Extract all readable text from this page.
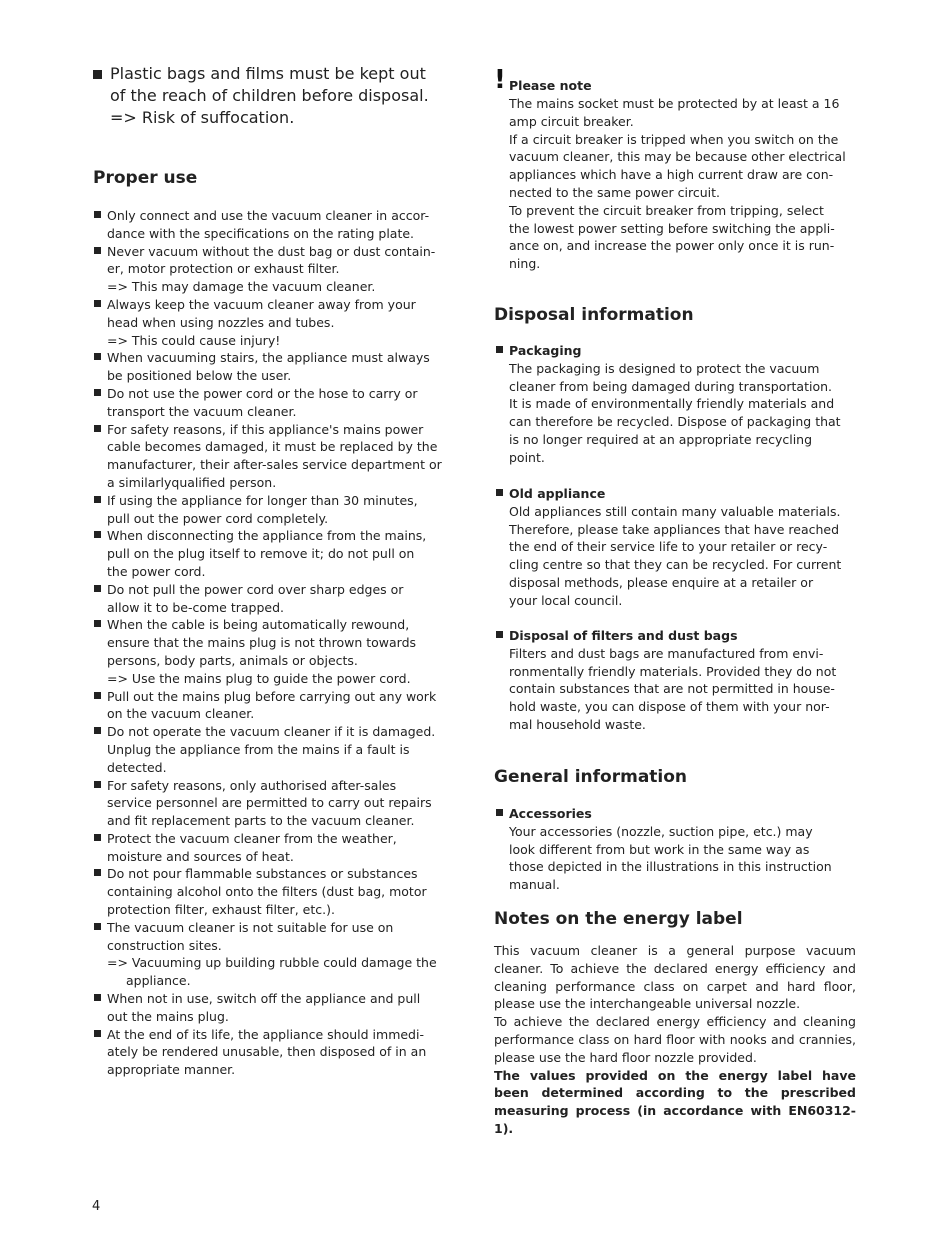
Plastic bags and films must be kept out
of the reach of children before disposal.
=> Risk of suffocation.
Proper use
Only connect and use the vacuum cleaner in accor-
dance with the specifications on the rating plate.
Never vacuum without the dust bag or dust contain-
er, motor protection or exhaust filter.
=> This may damage the vacuum cleaner.
Always keep the vacuum cleaner away from your
head when using nozzles and tubes.
=> This could cause injury!
When vacuuming stairs, the appliance must always
be positioned below the user.
Do not use the power cord or the hose to carry or
transport the vacuum cleaner.
For safety reasons, if this appliance's mains power
cable becomes damaged, it must be replaced by the
manufacturer, their after-sales service department or
a similarlyqualified person.
If using the appliance for longer than 30 minutes,
pull out the power cord completely.
When disconnecting the appliance from the mains,
pull on the plug itself to remove it; do not pull on
the power cord.
Do not pull the power cord over sharp edges or
allow it to be-come trapped.
When the cable is being automatically rewound,
ensure that the mains plug is not thrown towards
persons, body parts, animals or objects.
=> Use the mains plug to guide the power cord.
Pull out the mains plug before carrying out any work
on the vacuum cleaner.
Do not operate the vacuum cleaner if it is damaged.
Unplug the appliance from the mains if a fault is
detected.
For safety reasons, only authorised after-sales
service personnel are permitted to carry out repairs
and fit replacement parts to the vacuum cleaner.
Protect the vacuum cleaner from the weather,
moisture and sources of heat.
Do not pour flammable substances or substances
containing alcohol onto the filters (dust bag, motor
protection filter, exhaust filter, etc.).
The vacuum cleaner is not suitable for use on
construction sites.
=> Vacuuming up building rubble could damage the appliance.
When not in use, switch off the appliance and pull
out the mains plug.
At the end of its life, the appliance should immedi-
ately be rendered unusable, then disposed of in an
appropriate manner.
! Please note
The mains socket must be protected by at least a 16
amp circuit breaker.
If a circuit breaker is tripped when you switch on the
vacuum cleaner, this may be because other electrical
appliances which have a high current draw are con-
nected to the same power circuit.
To prevent the circuit breaker from tripping, select
the lowest power setting before switching the appli-
ance on, and increase the power only once it is run-
ning.
Disposal information
Packaging
The packaging is designed to protect the vacuum
cleaner from being damaged during transportation.
It is made of environmentally friendly materials and
can therefore be recycled. Dispose of packaging that
is no longer required at an appropriate recycling
point.
Old appliance
Old appliances still contain many valuable materials.
Therefore, please take appliances that have reached
the end of their service life to your retailer or recy-
cling centre so that they can be recycled. For current
disposal methods, please enquire at a retailer or
your local council.
Disposal of filters and dust bags
Filters and dust bags are manufactured from envi-
ronmentally friendly materials. Provided they do not
contain substances that are not permitted in house-
hold waste, you can dispose of them with your nor-
mal household waste.
General information
Accessories
Your accessories (nozzle, suction pipe, etc.) may
look different from but work in the same way as
those depicted in the illustrations in this instruction
manual.
Notes on the energy label

This vacuum cleaner is a general purpose vacuum cleaner. To achieve the declared energy efficiency and cleaning performance class on carpet and hard floor, please use the interchangeable universal nozzle.

To achieve the declared energy efficiency and cleaning performance class on hard floor with nooks and crannies, please use the hard floor nozzle provided.

The values provided on the energy label have been determined according to the prescribed measuring process (in accordance with EN60312-1).

4
